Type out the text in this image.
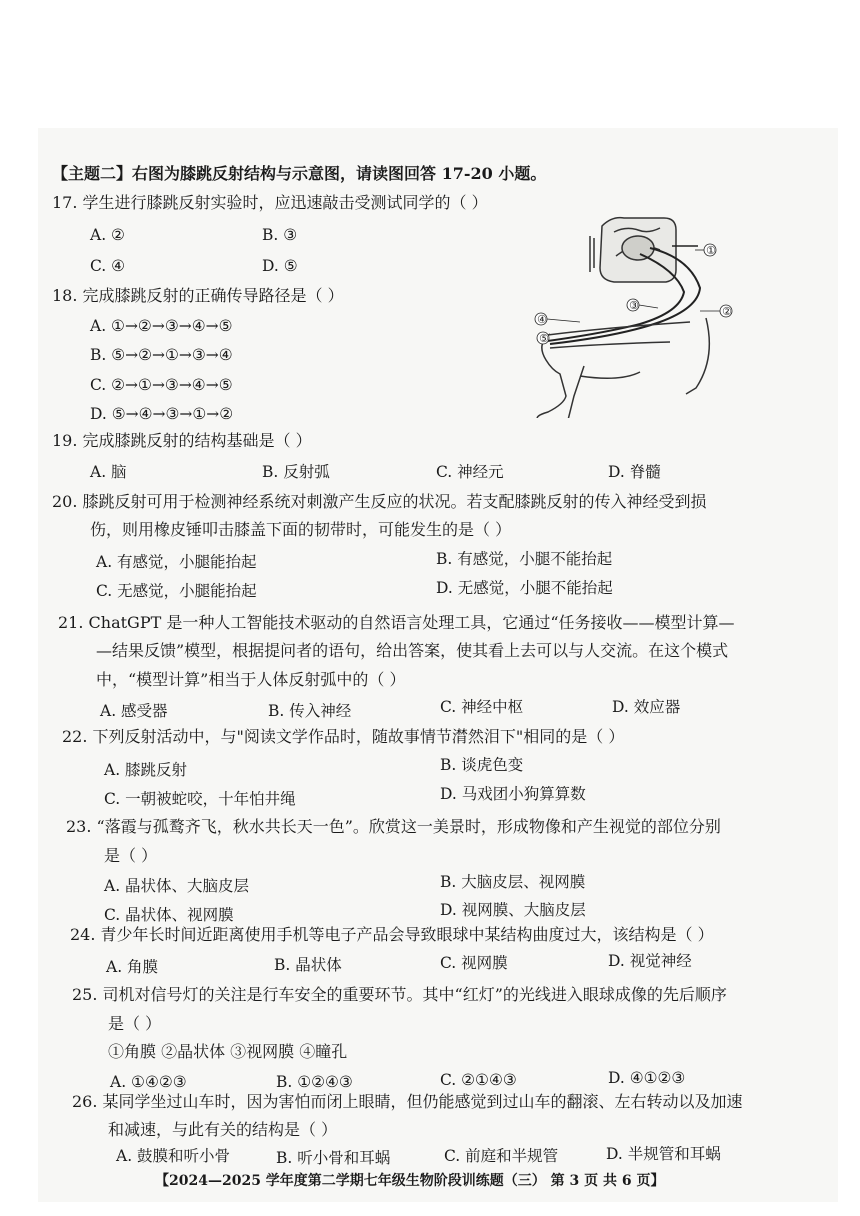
【主题二】右图为膝跳反射结构与示意图，请读图回答 17-20 小题。
17. 学生进行膝跳反射实验时，应迅速敲击受测试同学的（ ）
A. ②	B. ③
C. ④	D. ⑤
18. 完成膝跳反射的正确传导路径是（ ）
A. ①→②→③→④→⑤
B. ⑤→②→①→③→④
C. ②→①→③→④→⑤
D. ⑤→④→③→①→②
①
②
③
④
⑤
19. 完成膝跳反射的结构基础是（ ）
A. 脑	B. 反射弧	C. 神经元	D. 脊髓
20. 膝跳反射可用于检测神经系统对刺激产生反应的状况。若支配膝跳反射的传入神经受到损
伤，则用橡皮锤叩击膝盖下面的韧带时，可能发生的是（ ）
A. 有感觉，小腿能抬起	B. 有感觉，小腿不能抬起
C. 无感觉，小腿能抬起	D. 无感觉，小腿不能抬起
21. ChatGPT 是一种人工智能技术驱动的自然语言处理工具，它通过“任务接收——模型计算—
—结果反馈”模型，根据提问者的语句，给出答案，使其看上去可以与人交流。在这个模式
中，“模型计算”相当于人体反射弧中的（ ）
A. 感受器	B. 传入神经	C. 神经中枢	D. 效应器
22. 下列反射活动中，与"阅读文学作品时，随故事情节潸然泪下"相同的是（ ）
A. 膝跳反射	B. 谈虎色变
C. 一朝被蛇咬，十年怕井绳	D. 马戏团小狗算算数
23. “落霞与孤鹜齐飞，秋水共长天一色”。欣赏这一美景时，形成物像和产生视觉的部位分别
是（ ）
A. 晶状体、大脑皮层	B. 大脑皮层、视网膜
C. 晶状体、视网膜	D. 视网膜、大脑皮层
24. 青少年长时间近距离使用手机等电子产品会导致眼球中某结构曲度过大，该结构是（ ）
A. 角膜	B. 晶状体	C. 视网膜	D. 视觉神经
25. 司机对信号灯的关注是行车安全的重要环节。其中“红灯”的光线进入眼球成像的先后顺序
是（ ）
①角膜 ②晶状体 ③视网膜 ④瞳孔
A. ①④②③	B. ①②④③	C. ②①④③	D. ④①②③
26. 某同学坐过山车时，因为害怕而闭上眼睛，但仍能感觉到过山车的翻滚、左右转动以及加速
和减速，与此有关的结构是（ ）
A. 鼓膜和听小骨	B. 听小骨和耳蜗	C. 前庭和半规管	D. 半规管和耳蜗
【2024—2025 学年度第二学期七年级生物阶段训练题（三） 第 3 页 共 6 页】
